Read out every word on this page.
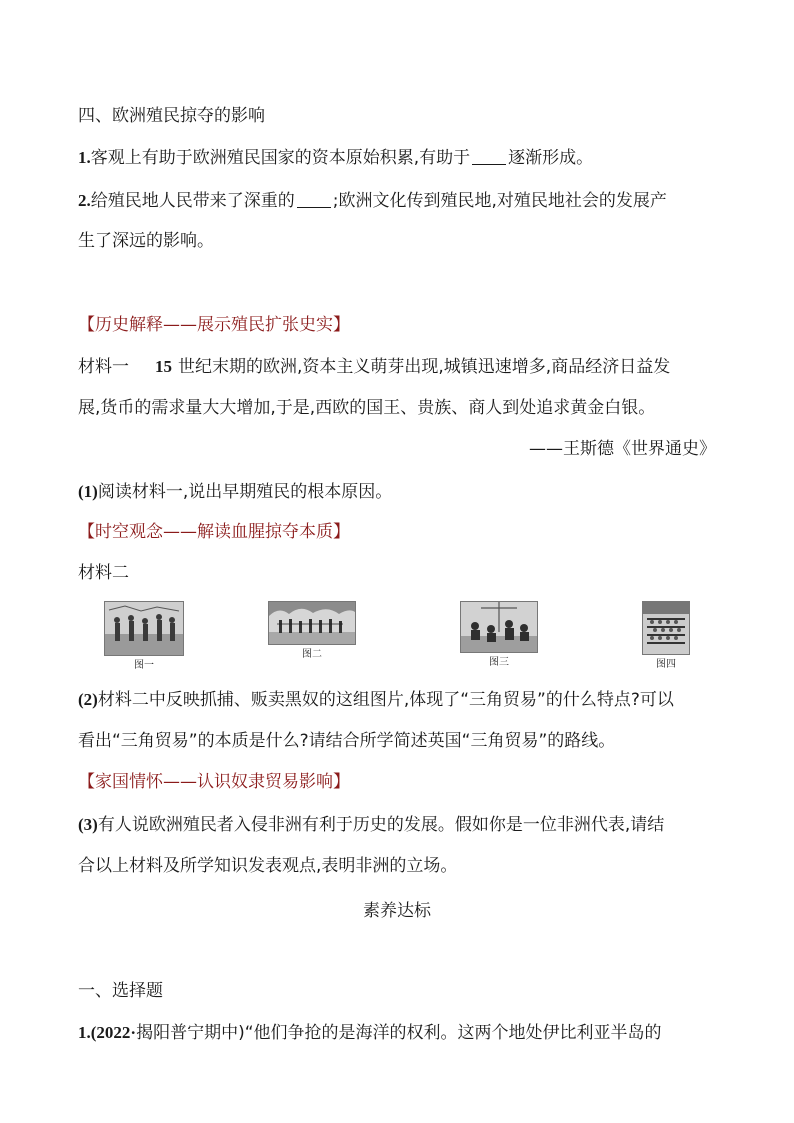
四、欧洲殖民掠夺的影响
1.客观上有助于欧洲殖民国家的资本原始积累,有助于 逐渐形成。
2.给殖民地人民带来了深重的 ;欧洲文化传到殖民地,对殖民地社会的发展产
生了深远的影响。
【历史解释——展示殖民扩张史实】
材料一 15 世纪末期的欧洲,资本主义萌芽出现,城镇迅速增多,商品经济日益发
展,货币的需求量大大增加,于是,西欧的国王、贵族、商人到处追求黄金白银。
——王斯德《世界通史》
(1)阅读材料一,说出早期殖民的根本原因。
【时空观念——解读血腥掠夺本质】
材料二
图一
图二
图三	图四
(2)材料二中反映抓捕、贩卖黑奴的这组图片,体现了“三角贸易”的什么特点?可以
看出“三角贸易”的本质是什么?请结合所学简述英国“三角贸易”的路线。
【家国情怀——认识奴隶贸易影响】
(3)有人说欧洲殖民者入侵非洲有利于历史的发展。假如你是一位非洲代表,请结
合以上材料及所学知识发表观点,表明非洲的立场。
素养达标
一、选择题
1.(2022·揭阳普宁期中)“他们争抢的是海洋的权利。这两个地处伊比利亚半岛的
